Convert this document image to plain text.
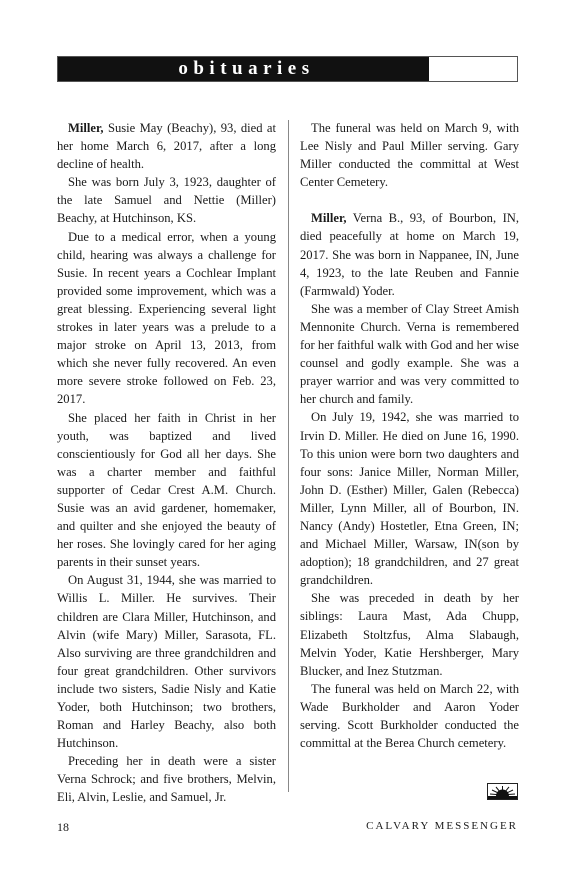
obituaries

Miller, Susie May (Beachy), 93, died at her home March 6, 2017, after a long decline of health.

She was born July 3, 1923, daughter of the late Samuel and Nettie (Miller) Beachy, at Hutchinson, KS.

Due to a medical error, when a young child, hearing was always a challenge for Susie. In recent years a Cochlear Implant provided some improvement, which was a great blessing. Experiencing several light strokes in later years was a prelude to a major stroke on April 13, 2013, from which she never fully recovered. An even more severe stroke followed on Feb. 23, 2017.

She placed her faith in Christ in her youth, was baptized and lived conscientiously for God all her days. She was a charter member and faithful supporter of Cedar Crest A.M. Church. Susie was an avid gardener, homemaker, and quilter and she enjoyed the beauty of her roses. She lovingly cared for her aging parents in their sunset years.

On August 31, 1944, she was married to Willis L. Miller. He survives. Their children are Clara Miller, Hutchinson, and Alvin (wife Mary) Miller, Sarasota, FL. Also surviving are three grandchildren and four great grandchildren. Other survivors include two sisters, Sadie Nisly and Katie Yoder, both Hutchinson; two brothers, Roman and Harley Beachy, also both Hutchinson.

Preceding her in death were a sister Verna Schrock; and five brothers, Melvin, Eli, Alvin, Leslie, and Samuel, Jr.

The funeral was held on March 9, with Lee Nisly and Paul Miller serving. Gary Miller conducted the committal at West Center Cemetery.

Miller, Verna B., 93, of Bourbon, IN, died peacefully at home on March 19, 2017. She was born in Nappanee, IN, June 4, 1923, to the late Reuben and Fannie (Farmwald) Yoder.

She was a member of Clay Street Amish Mennonite Church. Verna is remembered for her faithful walk with God and her wise counsel and godly example. She was a prayer warrior and was very committed to her church and family.

On July 19, 1942, she was married to Irvin D. Miller. He died on June 16, 1990. To this union were born two daughters and four sons: Janice Miller, Norman Miller, John D. (Esther) Miller, Galen (Rebecca) Miller, Lynn Miller, all of Bourbon, IN. Nancy (Andy) Hostetler, Etna Green, IN; and Michael Miller, Warsaw, IN(son by adoption); 18 grandchildren, and 27 great grandchildren.

She was preceded in death by her siblings: Laura Mast, Ada Chupp, Elizabeth Stoltzfus, Alma Slabaugh, Melvin Yoder, Katie Hershberger, Mary Blucker, and Inez Stutzman.

The funeral was held on March 22, with Wade Burkholder and Aaron Yoder serving. Scott Burkholder conducted the committal at the Berea Church cemetery.

18	CALVARY MESSENGER
